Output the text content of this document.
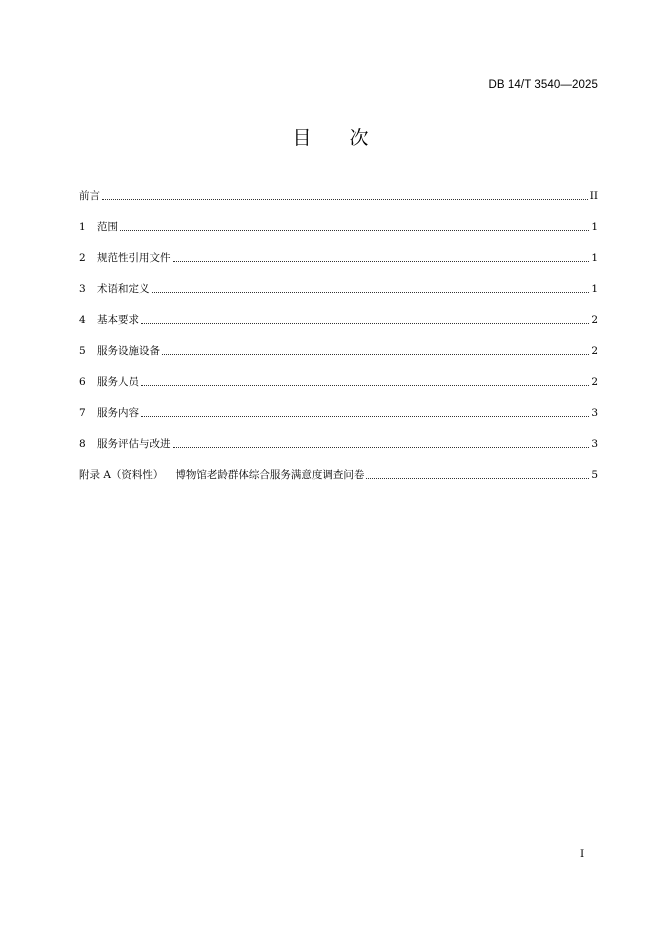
DB 14/T 3540—2025
目 次
前言	II
1	范围	1
2	规范性引用文件	1
3	术语和定义	1
4	基本要求	2
5	服务设施设备	2
6	服务人员	2
7	服务内容	3
8	服务评估与改进	3
附录 A（资料性） 博物馆老龄群体综合服务满意度调查问卷	5
I
